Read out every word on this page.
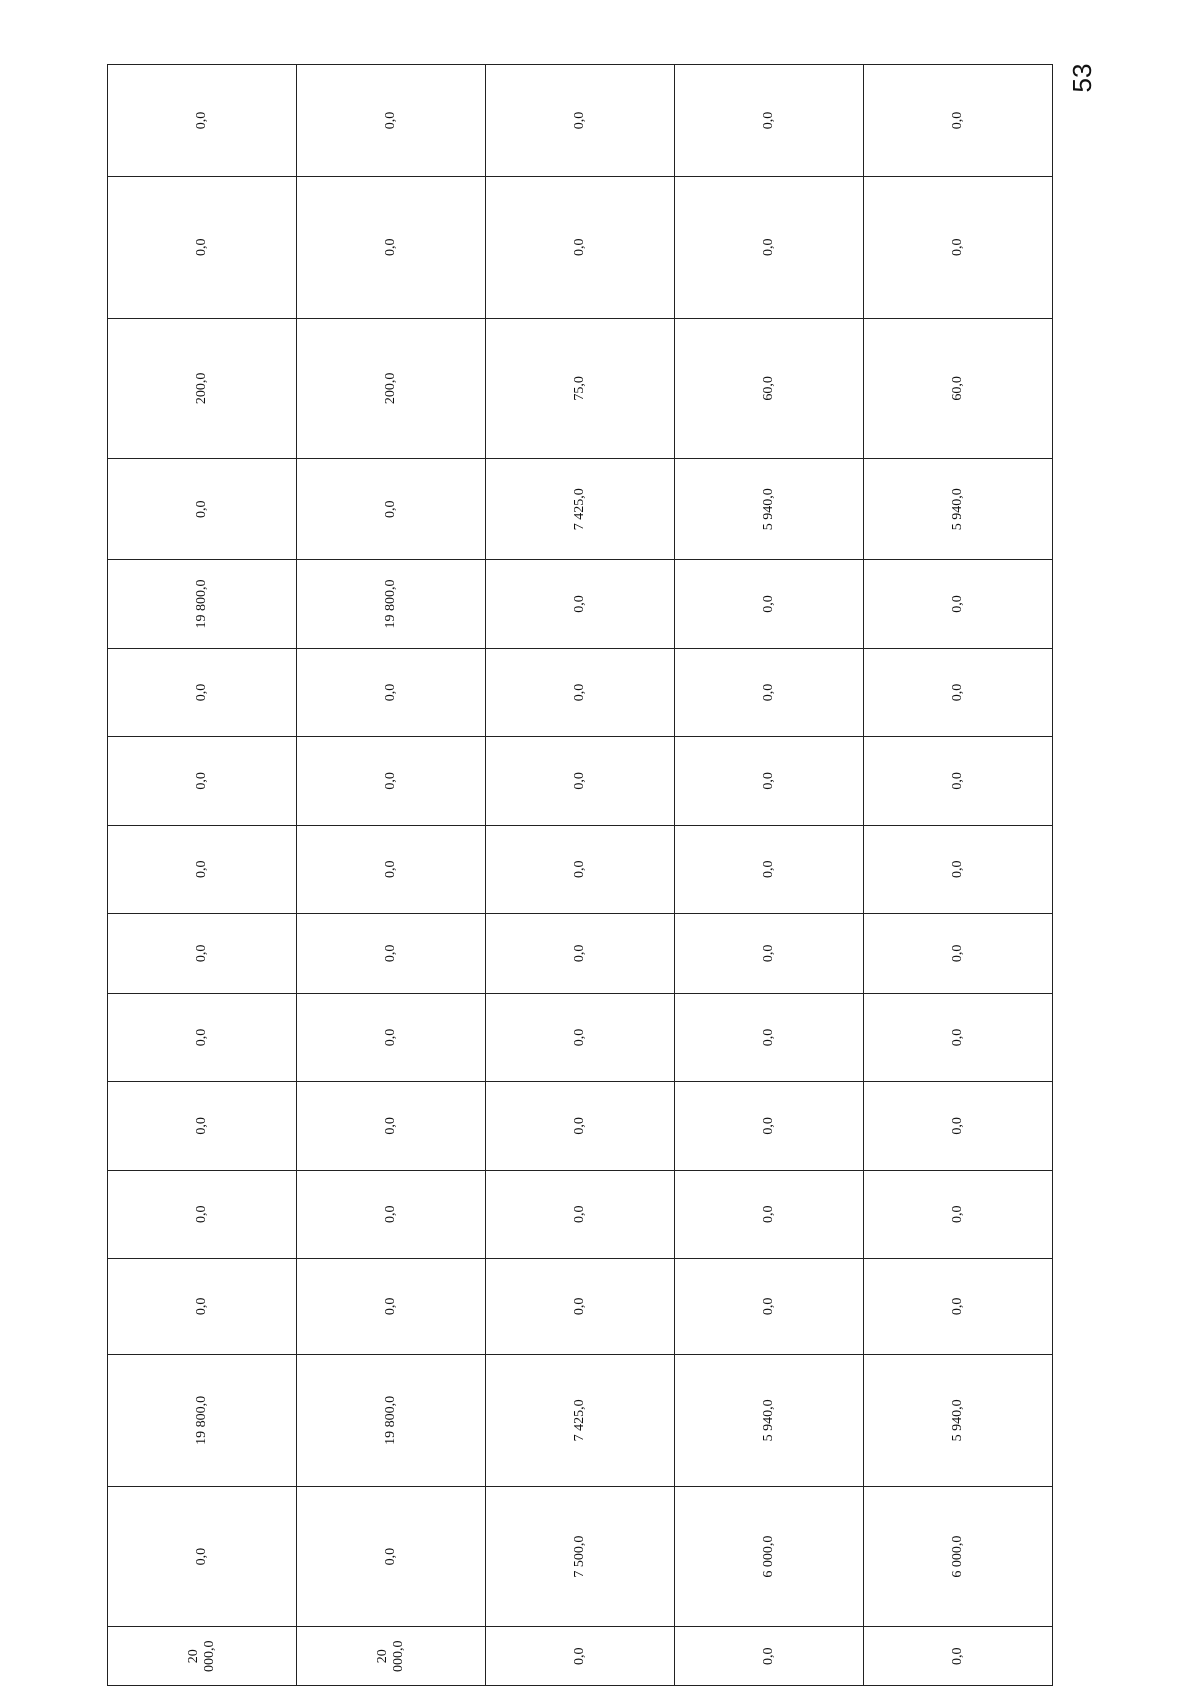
53
20
000,0	0,0	19 800,0	0,0	0,0	0,0	0,0	0,0	0,0	0,0	0,0	19 800,0	0,0	200,0	0,0	0,0
20
000,0	0,0	19 800,0	0,0	0,0	0,0	0,0	0,0	0,0	0,0	0,0	19 800,0	0,0	200,0	0,0	0,0
0,0	7 500,0	7 425,0	0,0	0,0	0,0	0,0	0,0	0,0	0,0	0,0	0,0	7 425,0	75,0	0,0	0,0
0,0	6 000,0	5 940,0	0,0	0,0	0,0	0,0	0,0	0,0	0,0	0,0	0,0	5 940,0	60,0	0,0	0,0
0,0	6 000,0	5 940,0	0,0	0,0	0,0	0,0	0,0	0,0	0,0	0,0	0,0	5 940,0	60,0	0,0	0,0
